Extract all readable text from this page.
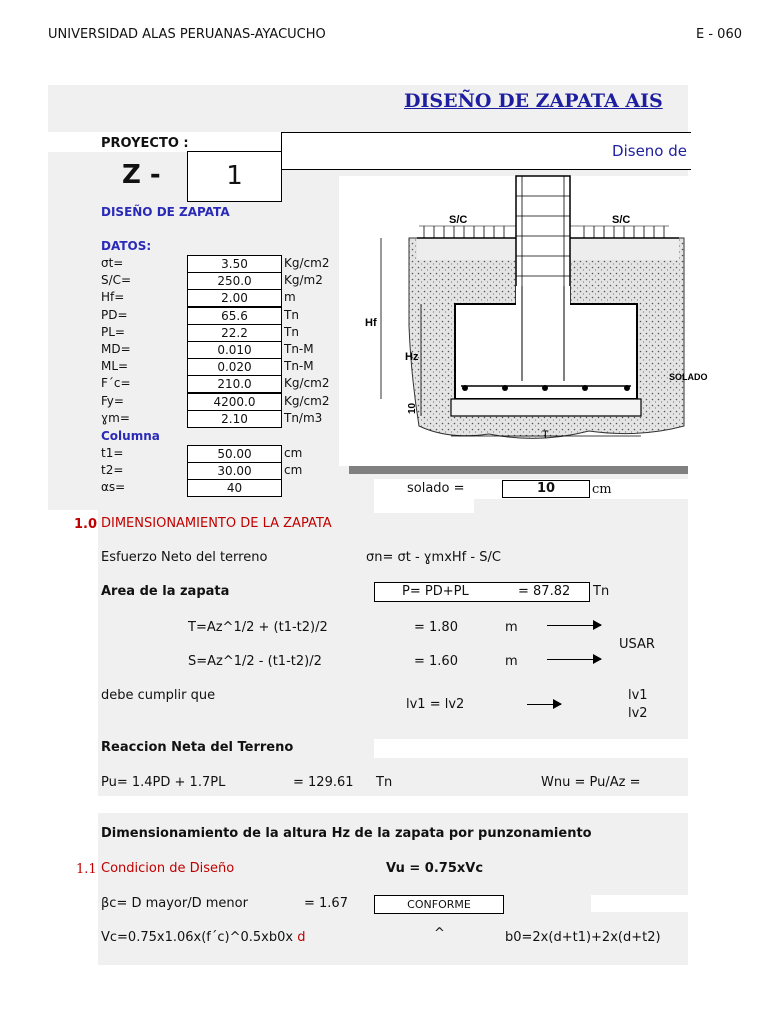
UNIVERSIDAD ALAS PERUANAS-AYACUCHO	E - 060
DISEÑO DE ZAPATA AIS
PROYECTO :	Diseno de
Z -	1
DISEÑO DE ZAPATA
DATOS:
σt=	3.50	Kg/cm2
S/C=	250.0	Kg/m2
Hf=	2.00	m
PD=	65.6	Tn
PL=	22.2	Tn
MD=	0.010	Tn-M
ML=	0.020	Tn-M
F´c=	210.0	Kg/cm2
Fy=	4200.0	Kg/cm2
ɣm=	2.10	Tn/m3
Columna
t1=	50.00	cm
t2=	30.00	cm
αs=	40
S/C	S/C
Hf
Hz
10
SOLADO
T
solado =	10	cm
1.0 DIMENSIONAMIENTO DE LA ZAPATA
Esfuerzo Neto del terreno	σn= σt - ɣmxHf - S/C
Area de la zapata	P= PD+PL	= 87.82 Tn
T=Az^1/2 + (t1-t2)/2	= 1.80	m
USAR
S=Az^1/2 - (t1-t2)/2	= 1.60	m
debe cumplir que
lv1 = lv2
lv1
lv2
Reaccion Neta del Terreno
Pu= 1.4PD + 1.7PL	= 129.61 Tn	Wnu = Pu/Az =
Dimensionamiento de la altura Hz de la zapata por punzonamiento
1.1 Condicion de Diseño	Vu = 0.75xVc
βc= D mayor/D menor	= 1.67	CONFORME
Vc=0.75x1.06x(f´c)^0.5xb0x d	^	b0=2x(d+t1)+2x(d+t2)
